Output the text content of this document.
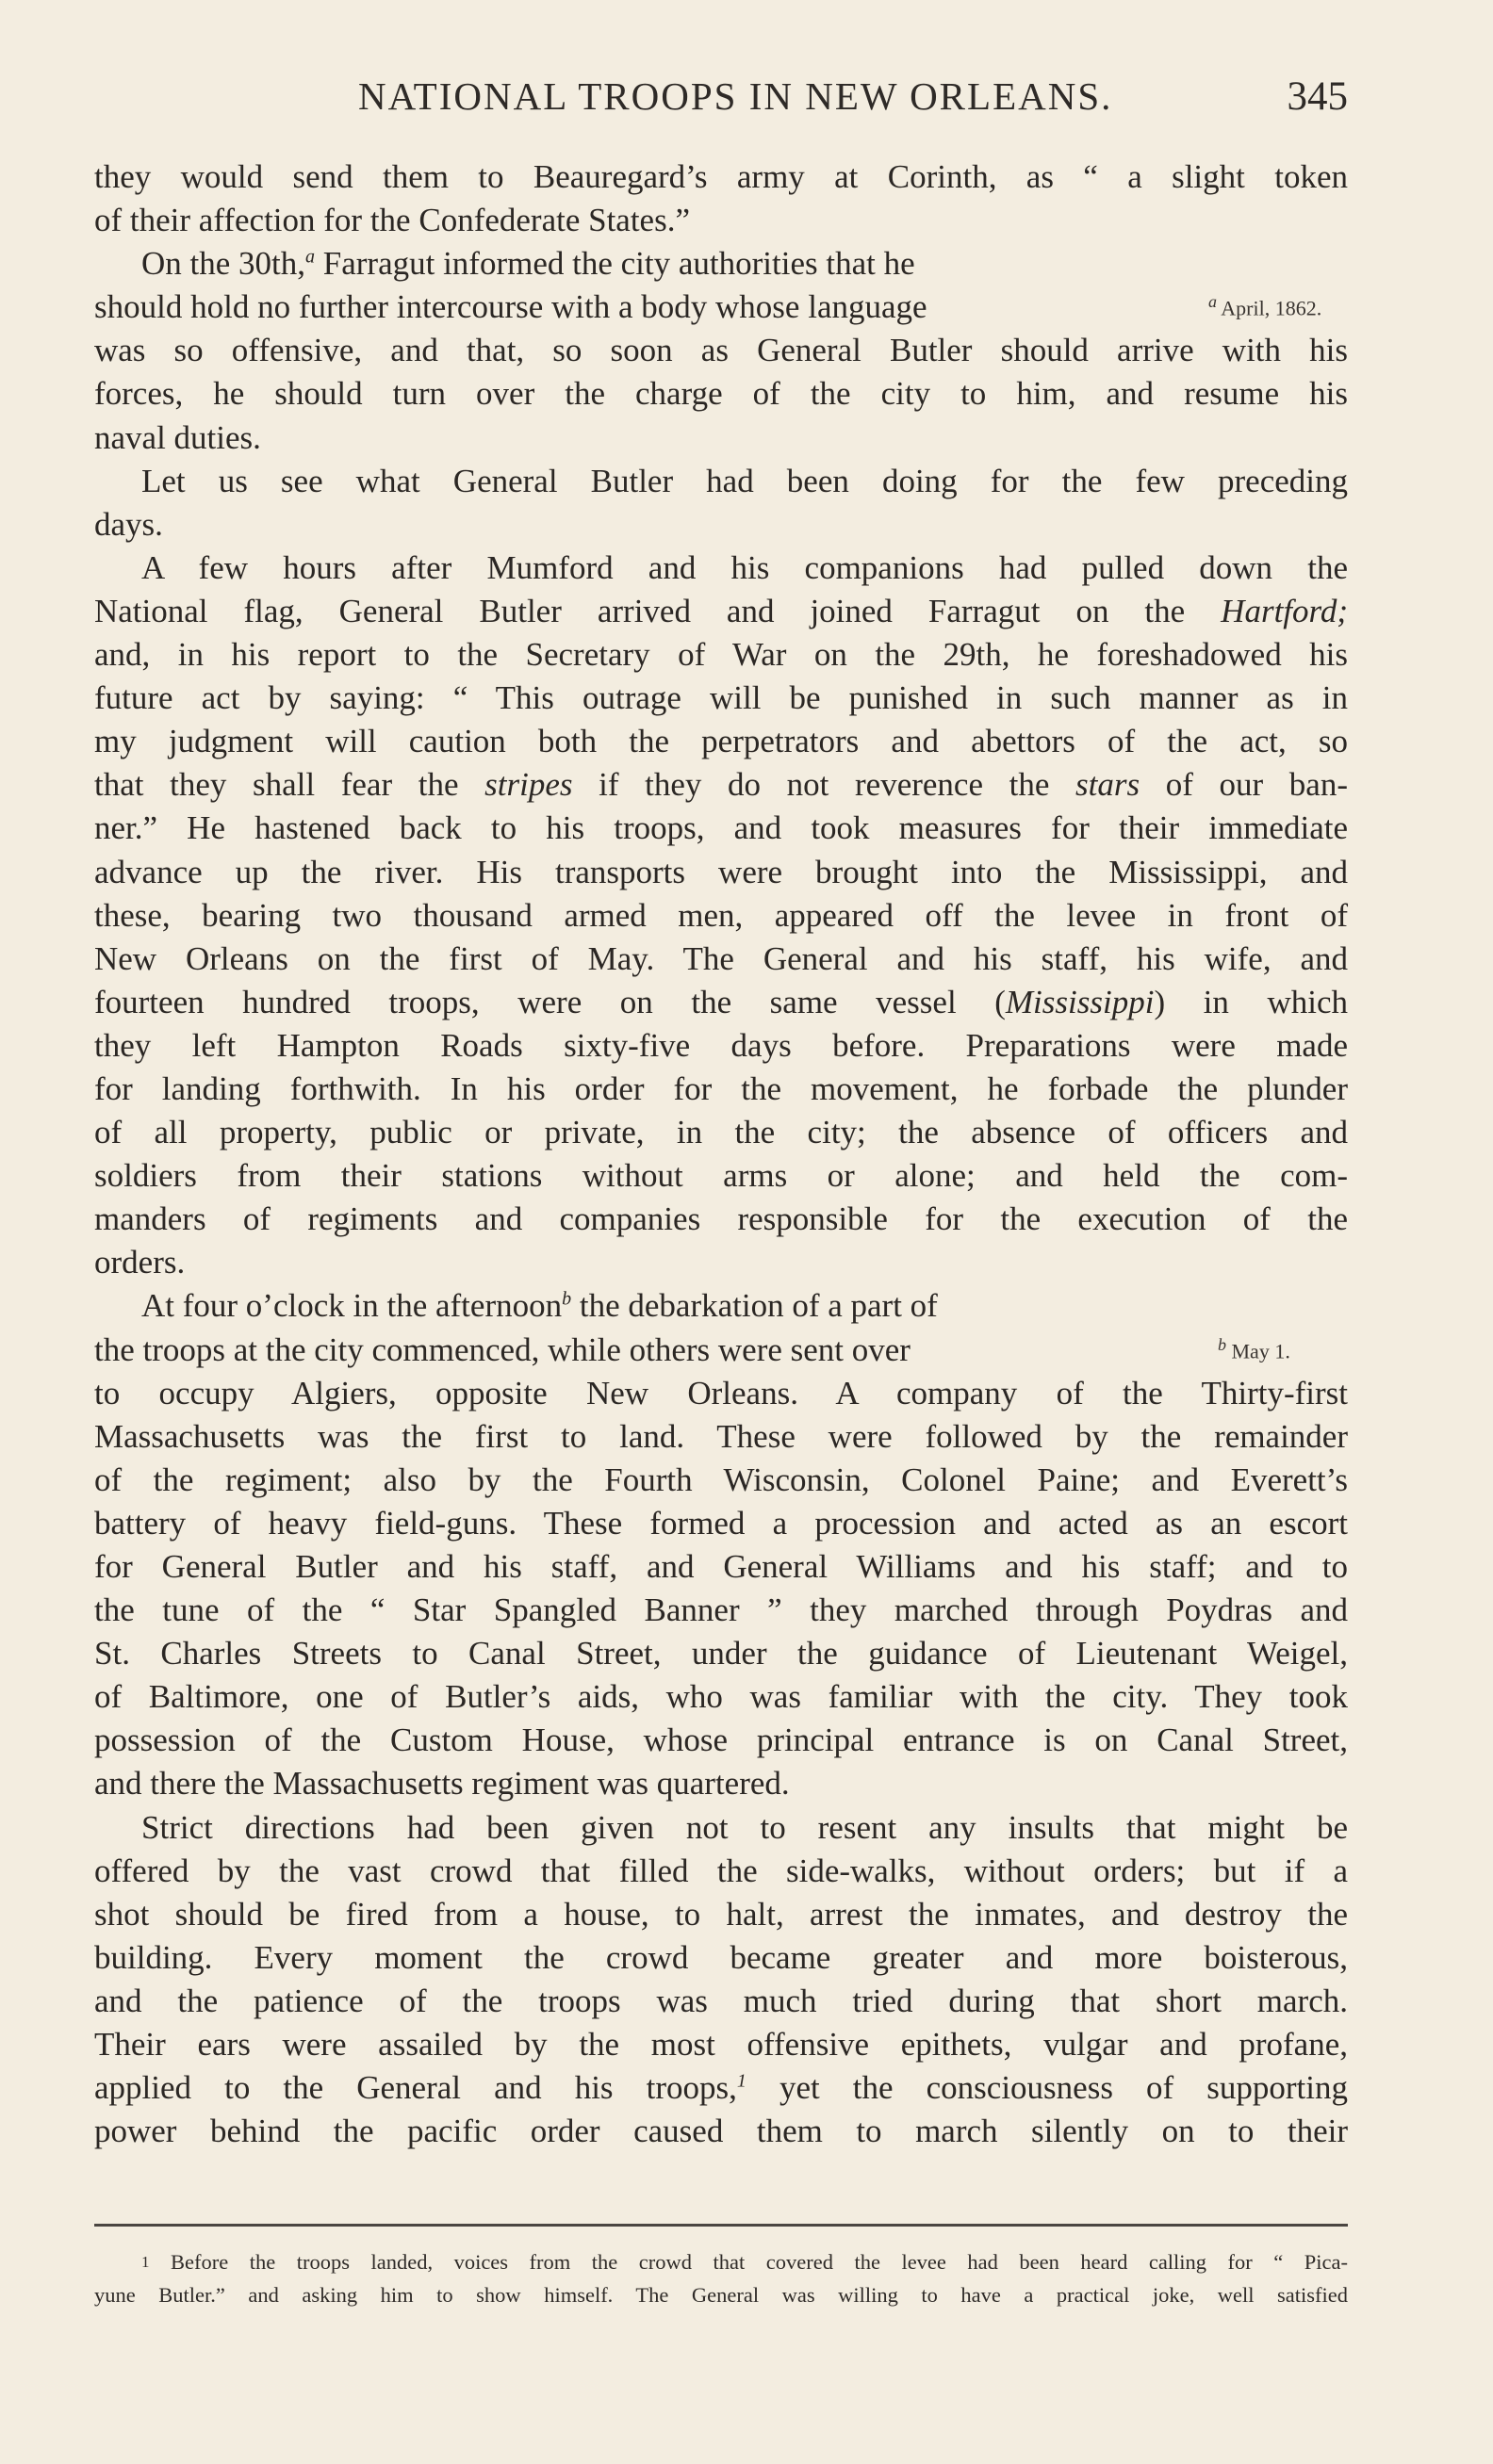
NATIONAL TROOPS IN NEW ORLEANS.	345
they would send them to Beauregard’s army at Corinth, as “ a slight token
of their affection for the Confederate States.”
On the 30th,$^a$ Farragut informed the city authorities that he
should hold no further intercourse with a body whose language
was so offensive, and that, so soon as General Butler should arrive with his
forces, he should turn over the charge of the city to him, and resume his
naval duties.
Let us see what General Butler had been doing for the few preceding
days.
A few hours after Mumford and his companions had pulled down the
National flag, General Butler arrived and joined Farragut on the Hartford;
and, in his report to the Secretary of War on the 29th, he foreshadowed his
future act by saying: “ This outrage will be punished in such manner as in
my judgment will caution both the perpetrators and abettors of the act, so
that they shall fear the stripes if they do not reverence the stars of our ban-
ner.” He hastened back to his troops, and took measures for their immediate
advance up the river. His transports were brought into the Mississippi, and
these, bearing two thousand armed men, appeared off the levee in front of
New Orleans on the first of May. The General and his staff, his wife, and
fourteen hundred troops, were on the same vessel (Mississippi) in which
they left Hampton Roads sixty-five days before. Preparations were made
for landing forthwith. In his order for the movement, he forbade the plunder
of all property, public or private, in the city; the absence of officers and
soldiers from their stations without arms or alone; and held the com-
manders of regiments and companies responsible for the execution of the
orders.
At four o’clock in the afternoon$^b$ the debarkation of a part of
the troops at the city commenced, while others were sent over
to occupy Algiers, opposite New Orleans. A company of the Thirty-first
Massachusetts was the first to land. These were followed by the remainder
of the regiment; also by the Fourth Wisconsin, Colonel Paine; and Everett’s
battery of heavy field-guns. These formed a procession and acted as an escort
for General Butler and his staff, and General Williams and his staff; and to
the tune of the “ Star Spangled Banner ” they marched through Poydras and
St. Charles Streets to Canal Street, under the guidance of Lieutenant Weigel,
of Baltimore, one of Butler’s aids, who was familiar with the city. They took
possession of the Custom House, whose principal entrance is on Canal Street,
and there the Massachusetts regiment was quartered.
Strict directions had been given not to resent any insults that might be
offered by the vast crowd that filled the side-walks, without orders; but if a
shot should be fired from a house, to halt, arrest the inmates, and destroy the
building. Every moment the crowd became greater and more boisterous,
and the patience of the troops was much tried during that short march.
Their ears were assailed by the most offensive epithets, vulgar and profane,
applied to the General and his troops,$^1$ yet the consciousness of supporting
power behind the pacific order caused them to march silently on to their
$^a$ April, 1862.
$^b$ May 1.
1 Before the troops landed, voices from the crowd that covered the levee had been heard calling for “ Pica-
yune Butler.” and asking him to show himself. The General was willing to have a practical joke, well satisfied
